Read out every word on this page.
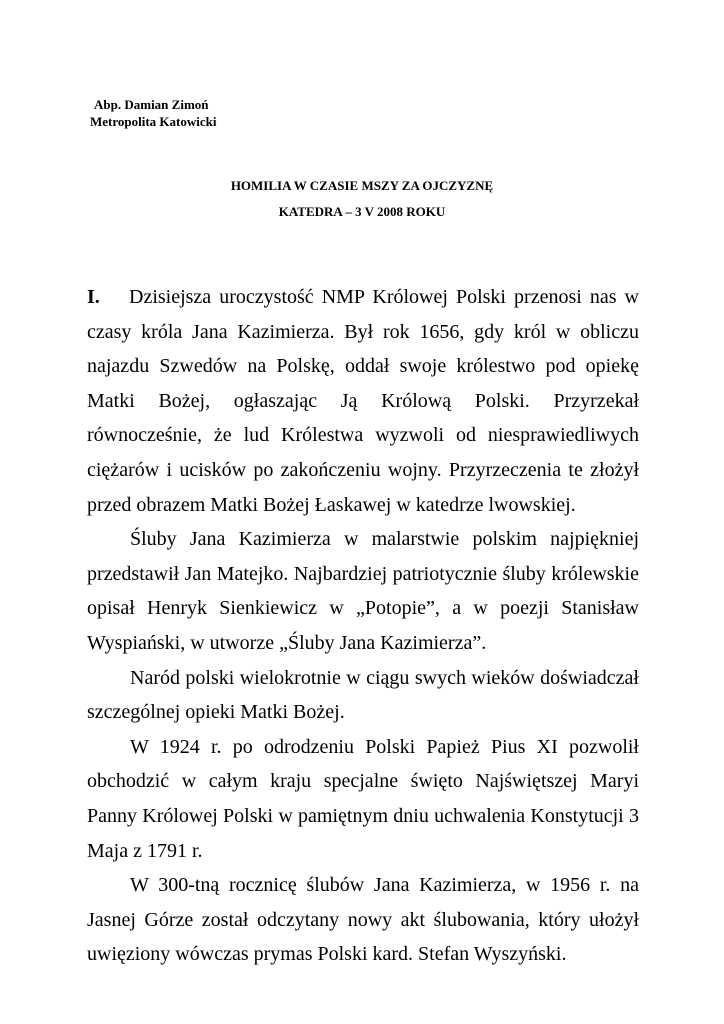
Abp. Damian Zimoń
Metropolita Katowicki
HOMILIA W CZASIE MSZY ZA OJCZYZNĘ
KATEDRA – 3 V 2008 ROKU

I. Dzisiejsza uroczystość NMP Królowej Polski przenosi nas w czasy króla Jana Kazimierza. Był rok 1656, gdy król w obliczu najazdu Szwedów na Polskę, oddał swoje królestwo pod opiekę Matki Bożej, ogłaszając Ją Królową Polski. Przyrzekał równocześnie, że lud Królestwa wyzwoli od niesprawiedliwych ciężarów i ucisków po zakończeniu wojny. Przyrzeczenia te złożył przed obrazem Matki Bożej Łaskawej w katedrze lwowskiej.

Śluby Jana Kazimierza w malarstwie polskim najpiękniej przedstawił Jan Matejko. Najbardziej patriotycznie śluby królewskie opisał Henryk Sienkiewicz w „Potopie”, a w poezji Stanisław Wyspiański, w utworze „Śluby Jana Kazimierza”.

Naród polski wielokrotnie w ciągu swych wieków doświadczał szczególnej opieki Matki Bożej.

W 1924 r. po odrodzeniu Polski Papież Pius XI pozwolił obchodzić w całym kraju specjalne święto Najświętszej Maryi Panny Królowej Polski w pamiętnym dniu uchwalenia Konstytucji 3 Maja z 1791 r.

W 300-tną rocznicę ślubów Jana Kazimierza, w 1956 r. na Jasnej Górze został odczytany nowy akt ślubowania, który ułożył uwięziony wówczas prymas Polski kard. Stefan Wyszyński.
